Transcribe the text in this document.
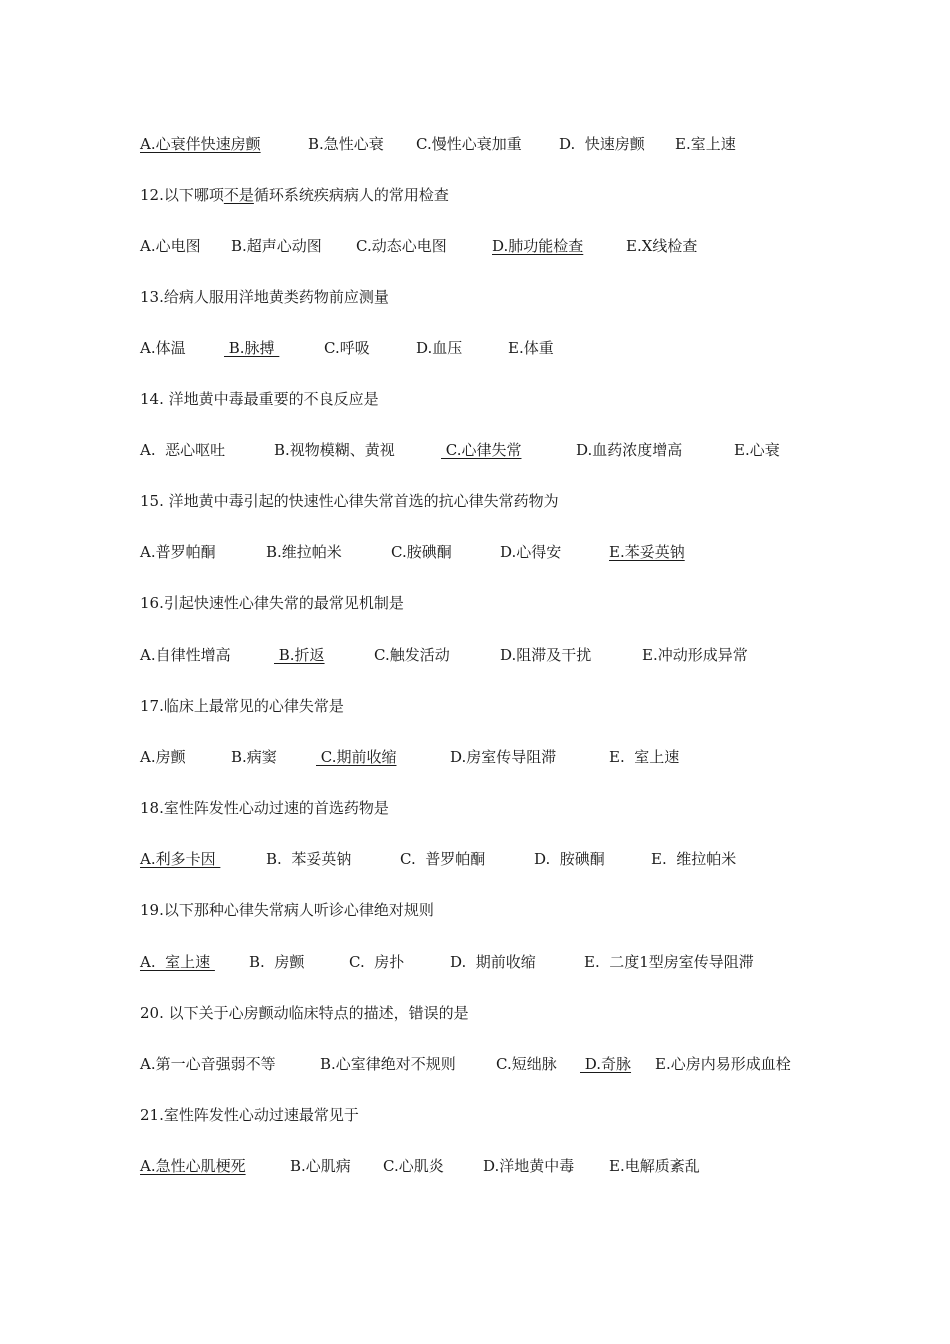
A.心衰伴快速房颤	B.急性心衰 C.慢性心衰加重 D.  快速房颤 E.室上速
12.以下哪项不是循环系统疾病病人的常用检查
A.心电图 B.超声心动图 C.动态心电图	D.肺功能检查	E.X线检查
13.给病人服用洋地黄类药物前应测量
A.体温	B.脉搏	C.呼吸	D.血压	E.体重
14. 洋地黄中毒最重要的不良反应是
A.  恶心呕吐	B.视物模糊、黄视	C.心律失常	D.血药浓度增高	E.心衰
15. 洋地黄中毒引起的快速性心律失常首选的抗心律失常药物为
A.普罗帕酮	B.维拉帕米	C.胺碘酮	D.心得安	E.苯妥英钠
16.引起快速性心律失常的最常见机制是
A.自律性增高	B.折返	C.触发活动	D.阻滞及干扰	E.冲动形成异常
17.临床上最常见的心律失常是
A.房颤	B.病窦	C.期前收缩	D.房室传导阻滞	E.  室上速
18.室性阵发性心动过速的首选药物是
A.利多卡因	B.  苯妥英钠	C.  普罗帕酮	D.  胺碘酮	E.  维拉帕米
19.以下那种心律失常病人听诊心律绝对规则
A.  室上速 B.  房颤	C.  房扑	D.  期前收缩	E.  二度1型房室传导阻滞
20. 以下关于心房颤动临床特点的描述，错误的是
A.第一心音强弱不等	B.心室律绝对不规则	C.短绌脉 D.奇脉 E.心房内易形成血栓
21.室性阵发性心动过速最常见于
A.急性心肌梗死	B.心肌病 C.心肌炎	D.洋地黄中毒 E.电解质紊乱
